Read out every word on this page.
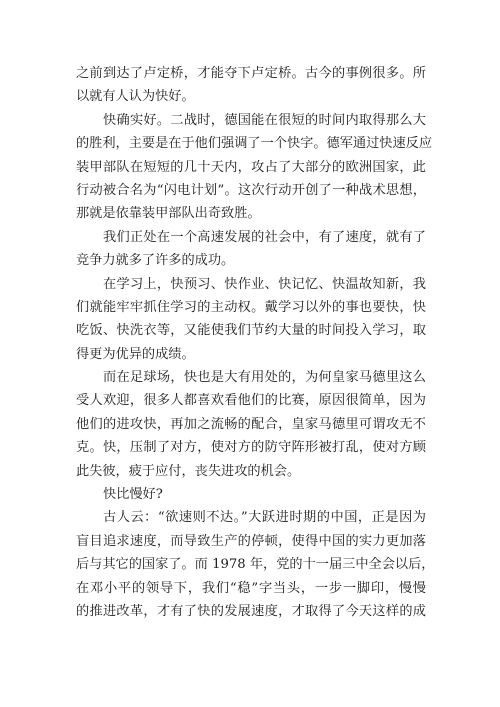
之前到达了卢定桥，才能夺下卢定桥。古今的事例很多。所
以就有人认为快好。
快确实好。二战时，德国能在很短的时间内取得那么大
的胜利，主要是在于他们强调了一个快字。德军通过快速反应
装甲部队在短短的几十天内，攻占了大部分的欧洲国家，此
行动被合名为“闪电计划”。这次行动开创了一种战术思想，
那就是依靠装甲部队出奇致胜。
我们正处在一个高速发展的社会中，有了速度，就有了
竞争力就多了许多的成功。
在学习上，快预习、快作业、快记忆、快温故知新，我
们就能牢牢抓住学习的主动权。戴学习以外的事也要快，快
吃饭、快洗衣等，又能使我们节约大量的时间投入学习，取
得更为优异的成绩。
而在足球场，快也是大有用处的，为何皇家马德里这么
受人欢迎，很多人都喜欢看他们的比赛，原因很简单，因为
他们的进攻快，再加之流畅的配合，皇家马德里可谓攻无不
克。快，压制了对方，使对方的防守阵形被打乱，使对方顾
此失彼，疲于应付，丧失进攻的机会。
快比慢好?
古人云：“欲速则不达。”大跃进时期的中国，正是因为
盲目追求速度，而导致生产的停顿，使得中国的实力更加落
后与其它的国家了。而 1978 年，党的十一届三中全会以后，
在邓小平的领导下，我们“稳”字当头，一步一脚印，慢慢
的推进改革，才有了快的发展速度，才取得了今天这样的成
